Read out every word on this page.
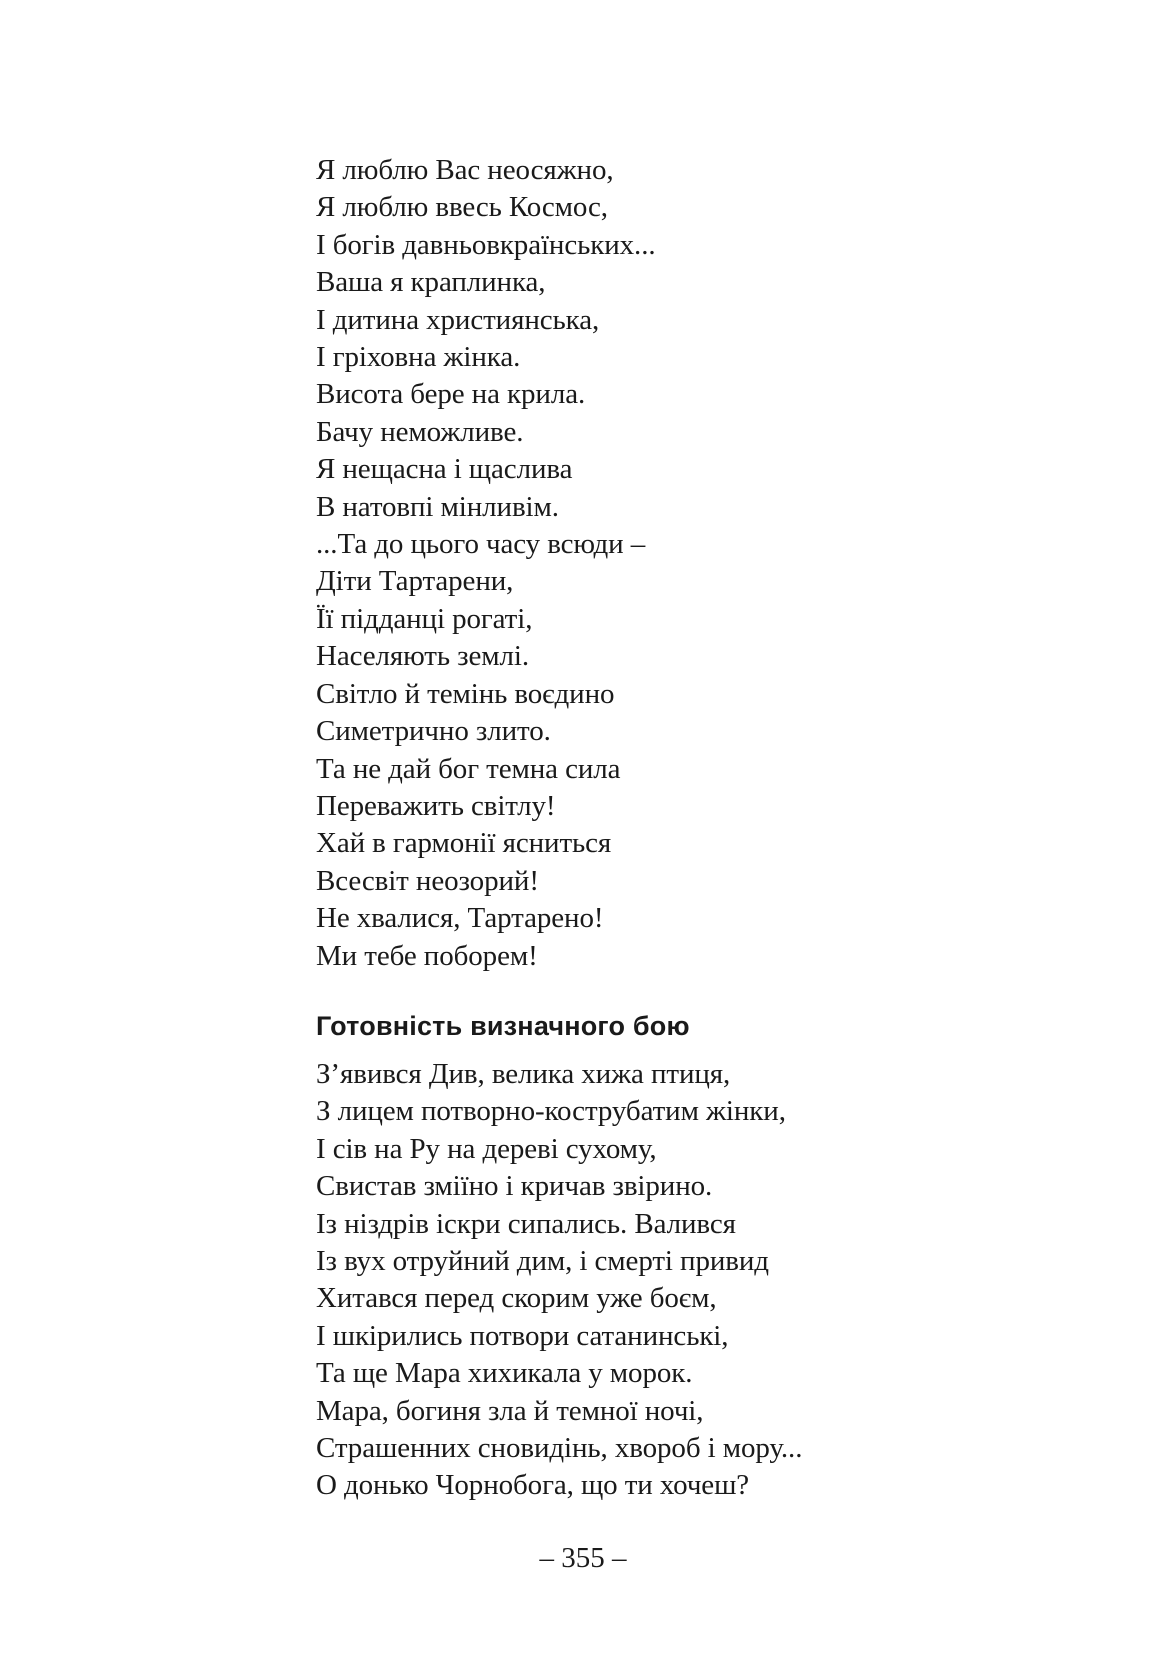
Я люблю Вас неосяжно,
Я люблю ввесь Космос,
І богів давньовкраїнських...
Ваша я краплинка,
І дитина християнська,
І гріховна жінка.
Висота бере на крила.
Бачу неможливе.
Я нещасна і щаслива
В натовпі мінливім.
...Та до цього часу всюди –
Діти Тартарени,
Її підданці рогаті,
Населяють землі.
Світло й темінь воєдино
Симетрично злито.
Та не дай бог темна сила
Переважить світлу!
Хай в гармонії ясниться
Всесвіт неозорий!
Не хвалися, Тартарено!
Ми тебе поборем!
Готовність визначного бою
З’явився Див, велика хижа птиця,
З лицем потворно-кострубатим жінки,
І сів на Ру на дереві сухому,
Свистав зміїно і кричав звірино.
Із ніздрів іскри сипались. Валився
Із вух отруйний дим, і смерті привид
Хитався перед скорим уже боєм,
І шкірились потвори сатанинські,
Та ще Мара хихикала у морок.
Мара, богиня зла й темної ночі,
Страшенних сновидінь, хвороб і мору...
О донько Чорнобога, що ти хочеш?
– 355 –
